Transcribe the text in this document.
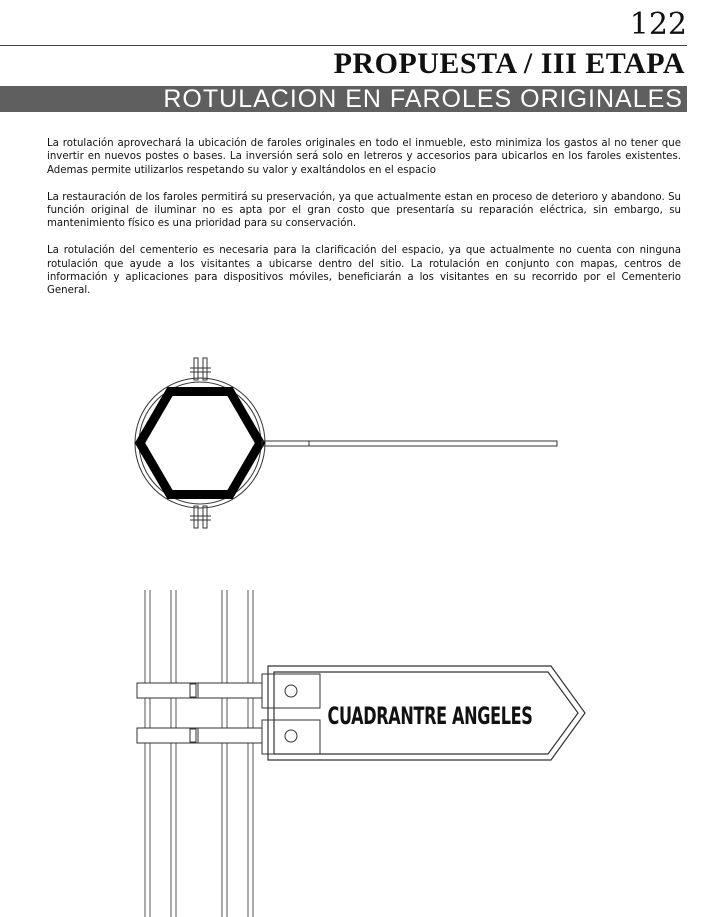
122
PROPUESTA / III ETAPA
ROTULACION EN FAROLES ORIGINALES

La rotulación aprovechará la ubicación de faroles originales en todo el inmueble, esto minimiza los gastos al no tener que invertir en nuevos postes o bases. La inversión será solo en letreros y accesorios para ubicarlos en los faroles existentes. Ademas permite utilizarlos respetando su valor y exaltándolos en el espacio

La restauración de los faroles permitirá su preservación, ya que actualmente estan en proceso de deterioro y abandono. Su función original de iluminar no es apta por el gran costo que presentaría su reparación eléctrica, sin embargo, su mantenimiento físico es una prioridad para su conservación.

La rotulación del cementerio es necesaria para la clarificación del espacio, ya que actualmente no cuenta con ninguna rotulación que ayude a los visitantes a ubicarse dentro del sitio. La rotulación en conjunto con mapas, centros de información y aplicaciones para dispositivos móviles, beneficiarán a los visitantes en su recorrido por el Cementerio General.

CUADRANTRE ANGELES
